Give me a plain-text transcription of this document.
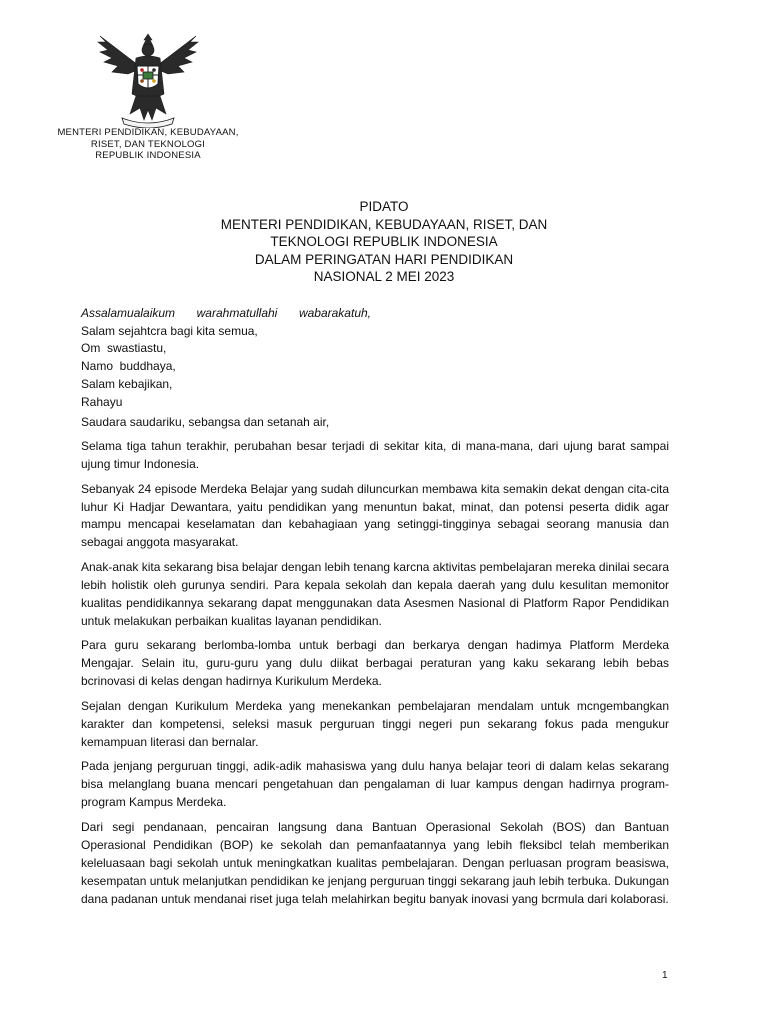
MENTERI PENDIDIKAN, KEBUDAYAAN,
RISET, DAN TEKNOLOGI
REPUBLIK INDONESIA
PIDATO
MENTERI PENDIDIKAN, KEBUDAYAAN, RISET, DAN
TEKNOLOGI REPUBLIK INDONESIA
DALAM PERINGATAN HARI PENDIDIKAN
NASIONAL 2 MEI 2023
Assalamualaikum warahmatullahi wabarakatuh,
Salam sejahtcra bagi kita semua,
Om  swastiastu,
Namo  buddhaya,
Salam kebajikan,
Rahayu
Saudara saudariku, sebangsa dan setanah air,

Selama tiga tahun terakhir, perubahan besar terjadi di sekitar kita, di mana-mana, dari ujung barat sampai ujung timur Indonesia.

Sebanyak 24 episode Merdeka Belajar yang sudah diluncurkan membawa kita semakin dekat dengan cita-cita luhur Ki Hadjar Dewantara, yaitu pendidikan yang menuntun bakat, minat, dan potensi peserta didik agar mampu mencapai keselamatan dan kebahagiaan yang setinggi-tingginya sebagai seorang manusia dan sebagai anggota masyarakat.

Anak-anak kita sekarang bisa belajar dengan lebih tenang karcna aktivitas pembelajaran mereka dinilai secara lebih holistik oleh gurunya sendiri. Para kepala sekolah dan kepala daerah yang dulu kesulitan memonitor kualitas pendidikannya sekarang dapat menggunakan data Asesmen Nasional di Platform Rapor Pendidikan untuk melakukan perbaikan kualitas layanan pendidikan.

Para guru sekarang berlomba-lomba untuk berbagi dan berkarya dengan hadimya Platform Merdeka Mengajar. Selain itu, guru-guru yang dulu diikat berbagai peraturan yang kaku sekarang lebih bebas bcrinovasi di kelas dengan hadirnya Kurikulum Merdeka.

Sejalan dengan Kurikulum Merdeka yang menekankan pembelajaran mendalam untuk mcngembangkan karakter dan kompetensi, seleksi masuk perguruan tinggi negeri pun sekarang fokus pada mengukur kemampuan literasi dan bernalar.

Pada jenjang perguruan tinggi, adik-adik mahasiswa yang dulu hanya belajar teori di dalam kelas sekarang bisa melanglang buana mencari pengetahuan dan pengalaman di luar kampus dengan hadirnya program-program Kampus Merdeka.

Dari segi pendanaan, pencairan langsung dana Bantuan Operasional Sekolah (BOS) dan Bantuan Operasional Pendidikan (BOP) ke sekolah dan pemanfaatannya yang lebih fleksibcl telah memberikan keleluasaan bagi sekolah untuk meningkatkan kualitas pembelajaran. Dengan perluasan program beasiswa, kesempatan untuk melanjutkan pendidikan ke jenjang perguruan tinggi sekarang jauh lebih terbuka. Dukungan dana padanan untuk mendanai riset juga telah melahirkan begitu banyak inovasi yang bcrmula dari kolaborasi.

1
